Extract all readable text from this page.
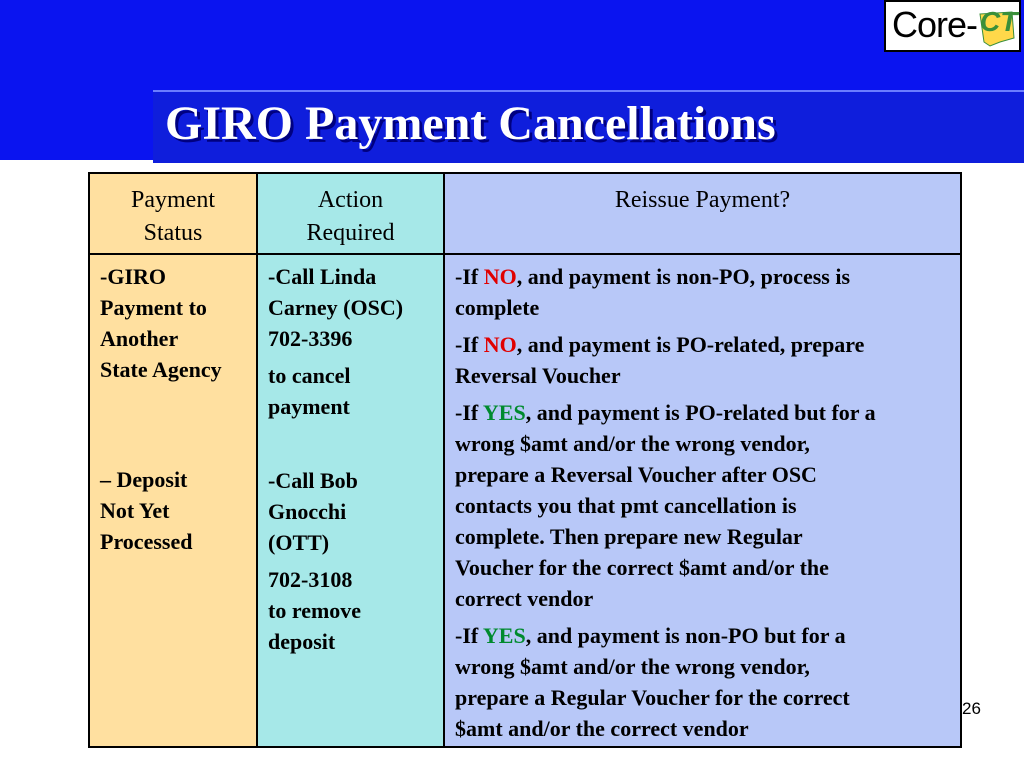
GIRO Payment Cancellations
Core - CT
Payment
Status
Action
Required
Reissue Payment?
-GIRO
Payment to
Another
State Agency
– Deposit
Not Yet
Processed
-Call Linda
Carney (OSC)
702-3396
to cancel
payment
-Call Bob
Gnocchi
(OTT)
702-3108
to remove
deposit
-If NO, and payment is non-PO, process is
complete
-If NO, and payment is PO-related, prepare
Reversal Voucher
-If YES, and payment is PO-related but for a
wrong $amt and/or the wrong vendor,
prepare a Reversal Voucher after OSC
contacts you that pmt cancellation is
complete. Then prepare new Regular
Voucher for the correct $amt and/or the
correct vendor
-If YES, and payment is non-PO but for a
wrong $amt and/or the wrong vendor,
prepare a Regular Voucher for the correct
$amt and/or the correct vendor
26
